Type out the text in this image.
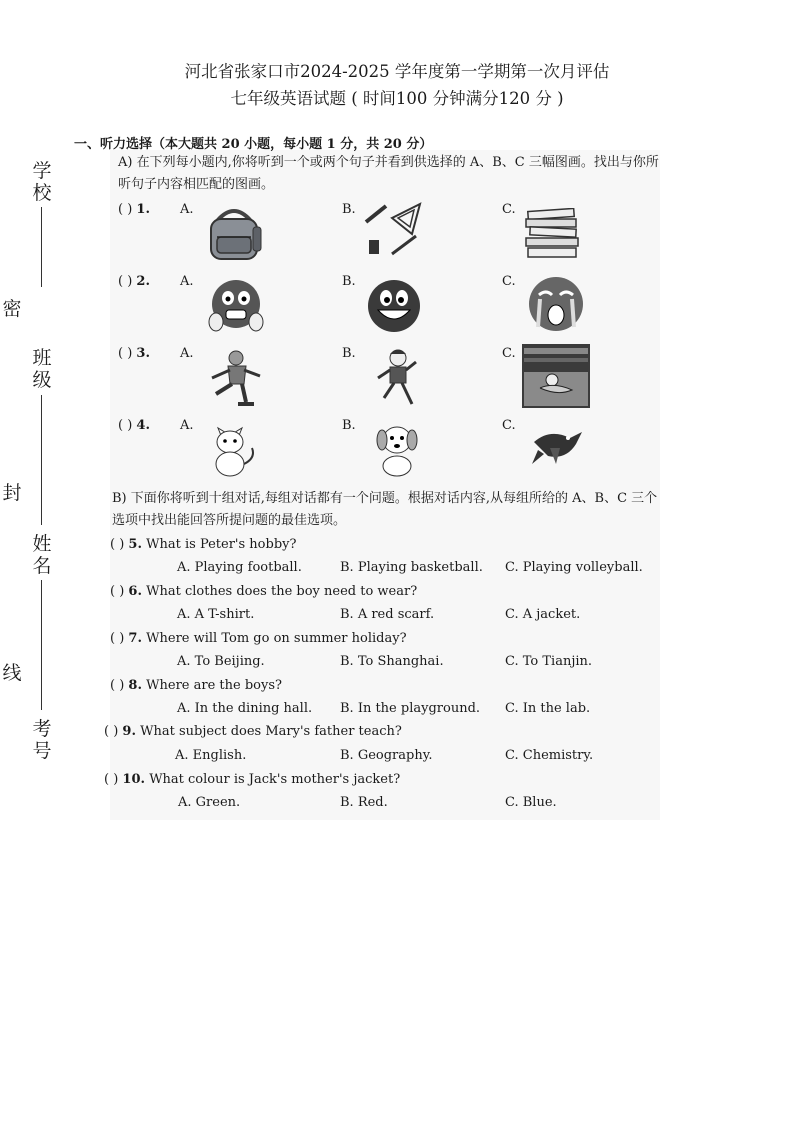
河北省张家口市2024-2025 学年度第一学期第一次月评估
七年级英语试题 ( 时间100 分钟满分120 分 )
学校
密
班级
封
姓名
线
考号
一、听力选择（本大题共 20 小题，每小题 1 分，共 20 分）
A) 在下列每小题内,你将听到一个或两个句子并看到供选择的 A、B、C 三幅图画。找出与你所
听句子内容相匹配的图画。
( ) 1. A.	B.	C.
( ) 2. A.	B.	C.
( ) 3. A.	B.	C.
( ) 4. A.	B.	C.
B) 下面你将听到十组对话,每组对话都有一个问题。根据对话内容,从每组所给的 A、B、C 三个
选项中找出能回答所提问题的最佳选项。
( ) 5. What is Peter's hobby?
A. Playing football.	B. Playing basketball. C. Playing volleyball.
( ) 6. What clothes does the boy need to wear?
A. A T-shirt.	B. A red scarf.	C. A jacket.
( ) 7. Where will Tom go on summer holiday?
A. To Beijing.	B. To Shanghai.	C. To Tianjin.
( ) 8. Where are the boys?
A. In the dining hall. B. In the playground. C. In the lab.
( ) 9. What subject does Mary's father teach?
A. English.	B. Geography.	C. Chemistry.
( ) 10. What colour is Jack's mother's jacket?
A. Green.	B. Red.	C. Blue.
